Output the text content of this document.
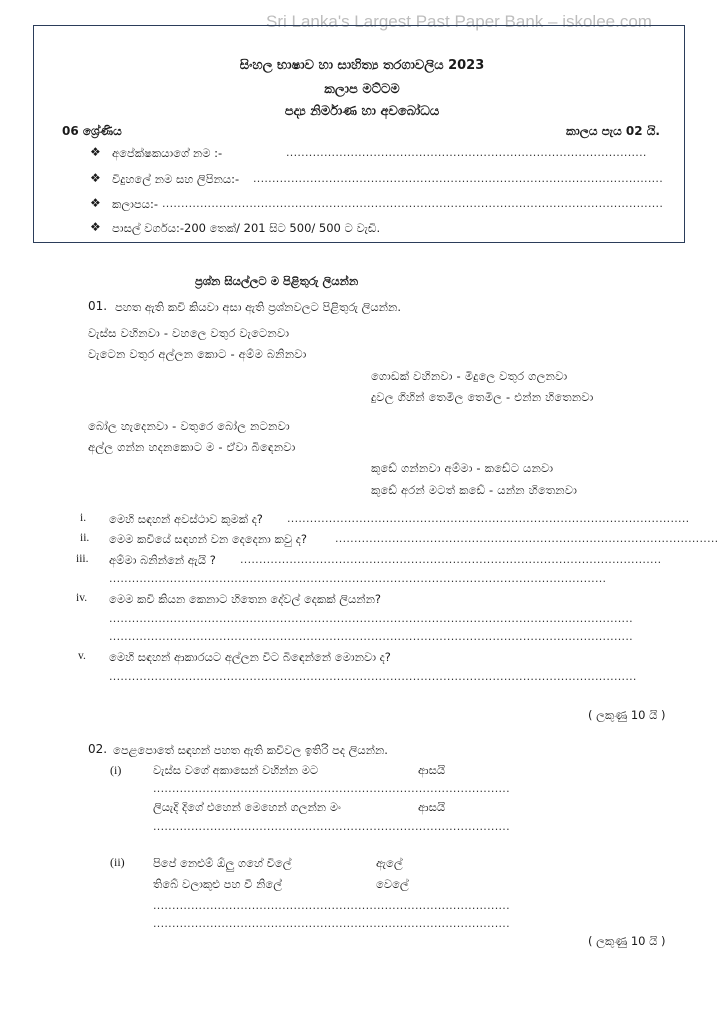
Sri Lanka's Largest Past Paper Bank – iskolee.com
සිංහල භාෂාව හා සාහිත්‍ය තරගාවලිය 2023
කලාප මට්ටම
පද්‍ය නිර්මාණ හා අවබෝධය
06 ශ්‍රේණිය	කාලය පැය 02 යි.
❖ අපේක්ෂකයාගේ නම :-	...............................................................................................
❖ විදුහලේ නම සහ ලිපිනය:- ............................................................................................................
❖ කලාපය:- ....................................................................................................................................
❖ පාසල් වර්ගය:-200 තෙක්/ 201 සිට 500/ 500 ට වැඩි.
ප්‍රශ්න සියල්ලට ම පිළිතුරු ලියන්න
01. පහත ඇති කවි කියවා අසා ඇති ප්‍රශ්නවලට පිළිතුරු ලියන්න.
වැස්ස වහිනවා - වහලෙ වතුර වැටෙනවා
වැටෙන වතුර අල්ලන කොට - අම්ම බනිනවා
ගොඩක් වහිනවා - මිදුලෙ වතුර ගලනවා
දුවල ගිහින් තෙමිල තෙමිල - එන්න හිතෙනවා
බෝල හැදෙනවා - වතුරෙ බෝල නටනවා
අල්ල ගන්න හදනකොට ම - ඒවා බිඳෙනවා
කුඩේ ගන්නවා අම්මා - කඩේට යනවා
කුඩේ අරන් මටත් කඩේ - යන්න හිතෙනවා
i. මෙහි සඳහන් අවස්ථාව කුමක් ද? ..........................................................................................................
ii. මෙම කවියේ සඳහන් වන දෙදෙනා කවු ද?	.....................................................................................................
iii. අම්මා බනින්නේ ඇයි ? ...............................................................................................................
...................................................................................................................................
iv. මෙම කවි කියන කෙනාට හිතෙන දේවල් දෙකක් ලියන්න?
..........................................................................................................................................
..........................................................................................................................................
v. මෙහි සඳහන් ආකාරයට අල්ලන විට බිඳෙන්නේ මොනවා ද?
...........................................................................................................................................
( ලකුණු 10 යි )
02. පෙළපොතේ සඳහන් පහත ඇති කවිවල ඉතිරි පද ලියන්න.
(i)	වැස්ස වගේ අකාසෙන් වහින්න මට	ආසයි
..............................................................................................
ලියැදි දිගේ එහෙන් මෙහෙන් ගලන්න මං	ආසයි
..............................................................................................
(ii) පිපේ නෙළුම් ඕලු ගහේ විලේ	ඇලේ
තිබේ වලාකුළු පහ වී නිලේ	වෙලේ
..............................................................................................
..............................................................................................
( ලකුණු 10 යි )
